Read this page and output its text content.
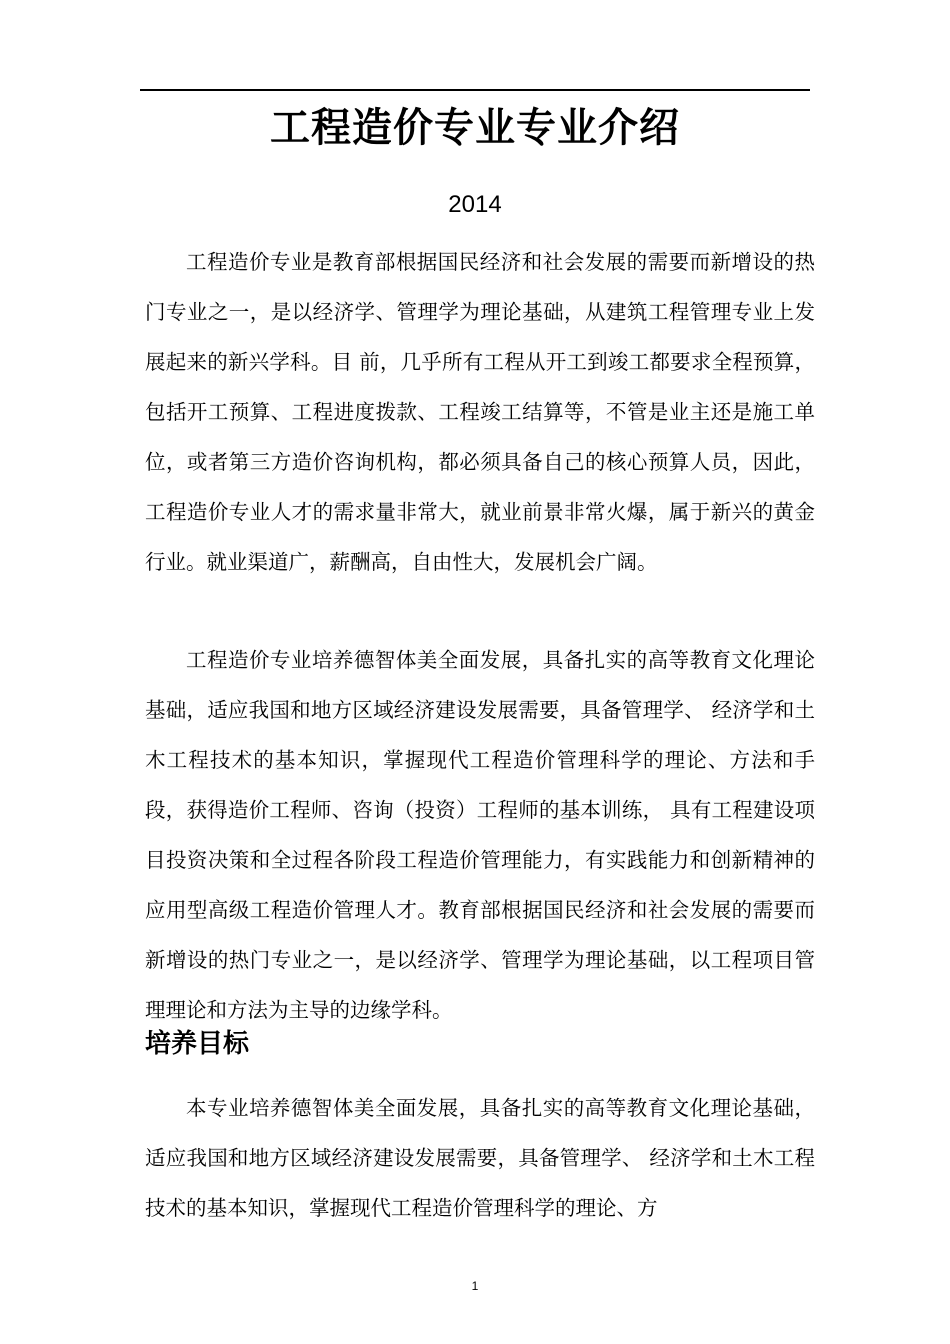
工程造价专业专业介绍
2014

工程造价专业是教育部根据国民经济和社会发展的需要而新增设的热门专业之一，是以经济学、管理学为理论基础，从建筑工程管理专业上发展起来的新兴学科。目 前，几乎所有工程从开工到竣工都要求全程预算，包括开工预算、工程进度拨款、工程竣工结算等，不管是业主还是施工单位，或者第三方造价咨询机构，都必须具备自己的核心预算人员，因此，工程造价专业人才的需求量非常大，就业前景非常火爆，属于新兴的黄金行业。就业渠道广，薪酬高，自由性大，发展机会广阔。

工程造价专业培养德智体美全面发展，具备扎实的高等教育文化理论基础，适应我国和地方区域经济建设发展需要，具备管理学、 经济学和土木工程技术的基本知识，掌握现代工程造价管理科学的理论、方法和手段，获得造价工程师、咨询（投资）工程师的基本训练， 具有工程建设项目投资决策和全过程各阶段工程造价管理能力，有实践能力和创新精神的应用型高级工程造价管理人才。教育部根据国民经济和社会发展的需要而新增设的热门专业之一，是以经济学、管理学为理论基础，以工程项目管理理论和方法为主导的边缘学科。

培养目标

本专业培养德智体美全面发展，具备扎实的高等教育文化理论基础，适应我国和地方区域经济建设发展需要，具备管理学、 经济学和土木工程技术的基本知识，掌握现代工程造价管理科学的理论、方

1
